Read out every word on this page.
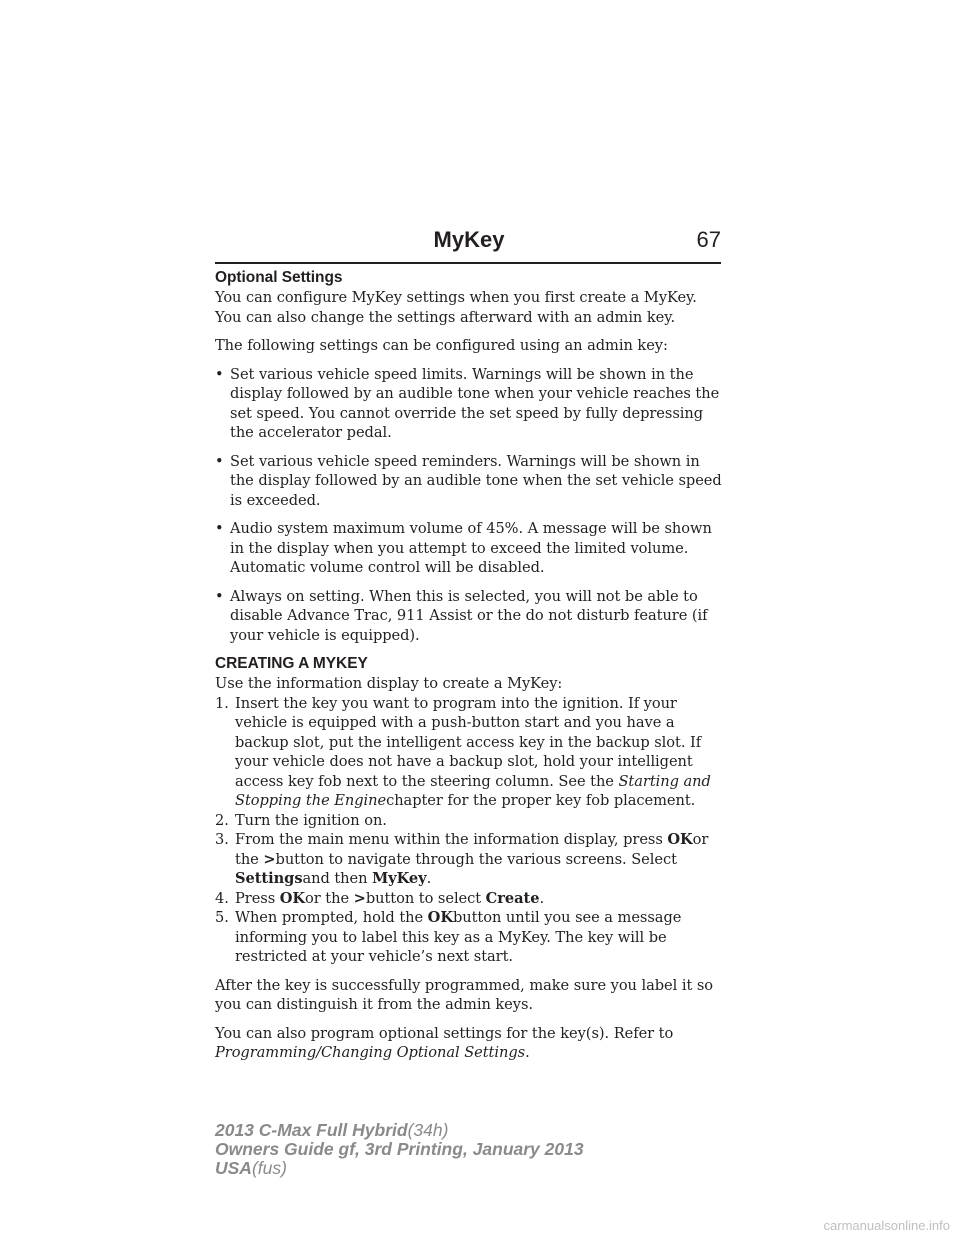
MyKey	67

Optional Settings

You can configure MyKey settings when you first create a MyKey.

You can also change the settings afterward with an admin key.

The following settings can be configured using an admin key:

• Set various vehicle speed limits. Warnings will be shown in the display followed by an audible tone when your vehicle reaches the set speed. You cannot override the set speed by fully depressing the accelerator pedal.
• Set various vehicle speed reminders. Warnings will be shown in the display followed by an audible tone when the set vehicle speed is exceeded.
• Audio system maximum volume of 45%. A message will be shown in the display when you attempt to exceed the limited volume. Automatic volume control will be disabled.
• Always on setting. When this is selected, you will not be able to disable Advance Trac, 911 Assist or the do not disturb feature (if your vehicle is equipped).

CREATING A MYKEY

Use the information display to create a MyKey:

1. Insert the key you want to program into the ignition. If your vehicle is equipped with a push-button start and you have a backup slot, put the intelligent access key in the backup slot. If your vehicle does not have a backup slot, hold your intelligent access key fob next to the steering column. See the Starting and Stopping the Enginechapter for the proper key fob placement.
2. Turn the ignition on.
3. From the main menu within the information display, press OKor the >button to navigate through the various screens. Select Settingsand then MyKey.
4. Press OKor the >button to select Create.
5. When prompted, hold the OKbutton until you see a message informing you to label this key as a MyKey. The key will be restricted at your vehicle’s next start.

After the key is successfully programmed, make sure you label it so you can distinguish it from the admin keys.

You can also program optional settings for the key(s). Refer to Programming/Changing Optional Settings.

2013 C-Max Full Hybrid(34h)
Owners Guide gf, 3rd Printing, January 2013
USA(fus)
carmanualsonline.info
